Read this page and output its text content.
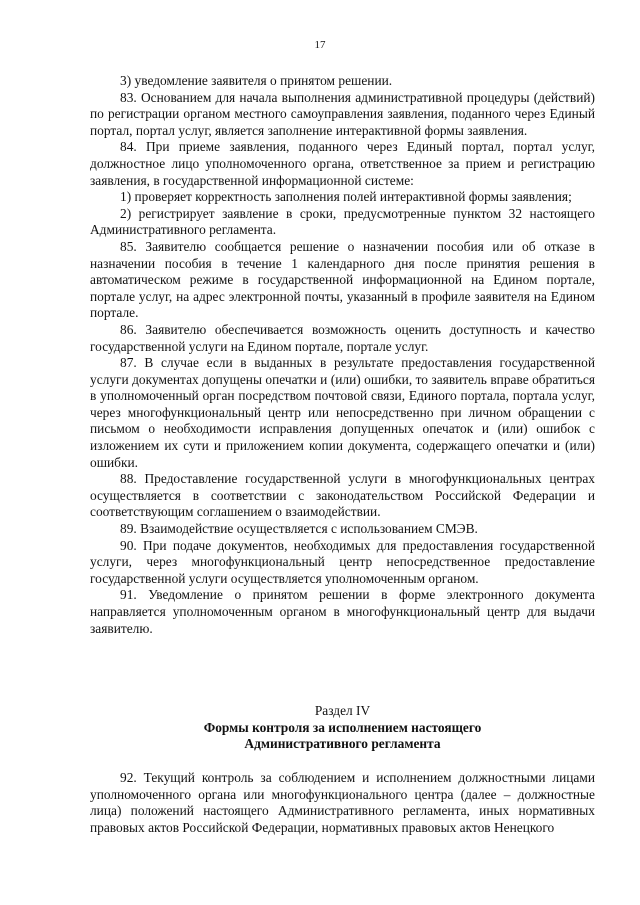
17

3) уведомление заявителя о принятом решении.

83. Основанием для начала выполнения административной процедуры (действий) по регистрации органом местного самоуправления заявления, поданного через Единый портал, портал услуг, является заполнение интерактивной формы заявления.

84. При приеме заявления, поданного через Единый портал, портал услуг, должностное лицо уполномоченного органа, ответственное за прием и регистрацию заявления, в государственной информационной системе:

1) проверяет корректность заполнения полей интерактивной формы заявления;

2) регистрирует заявление в сроки, предусмотренные пунктом 32 настоящего Административного регламента.

85. Заявителю сообщается решение о назначении пособия или об отказе в назначении пособия в течение 1 календарного дня после принятия решения в автоматическом режиме в государственной информационной на Едином портале, портале услуг, на адрес электронной почты, указанный в профиле заявителя на Едином портале.

86. Заявителю обеспечивается возможность оценить доступность и качество государственной услуги на Едином портале, портале услуг.

87. В случае если в выданных в результате предоставления государственной услуги документах допущены опечатки и (или) ошибки, то заявитель вправе обратиться в уполномоченный орган посредством почтовой связи, Единого портала, портала услуг, через многофункциональный центр или непосредственно при личном обращении с письмом о необходимости исправления допущенных опечаток и (или) ошибок с изложением их сути и приложением копии документа, содержащего опечатки и (или) ошибки.

88. Предоставление государственной услуги в многофункциональных центрах осуществляется в соответствии с законодательством Российской Федерации и соответствующим соглашением о взаимодействии.

89. Взаимодействие осуществляется с использованием СМЭВ.

90. При подаче документов, необходимых для предоставления государственной услуги, через многофункциональный центр непосредственное предоставление государственной услуги осуществляется уполномоченным органом.

91. Уведомление о принятом решении в форме электронного документа направляется уполномоченным органом в многофункциональный центр для выдачи заявителю.

Раздел IV

Формы контроля за исполнением настоящего

Административного регламента

92. Текущий контроль за соблюдением и исполнением должностными лицами уполномоченного органа или многофункционального центра (далее – должностные лица) положений настоящего Административного регламента, иных нормативных правовых актов Российской Федерации, нормативных правовых актов Ненецкого
